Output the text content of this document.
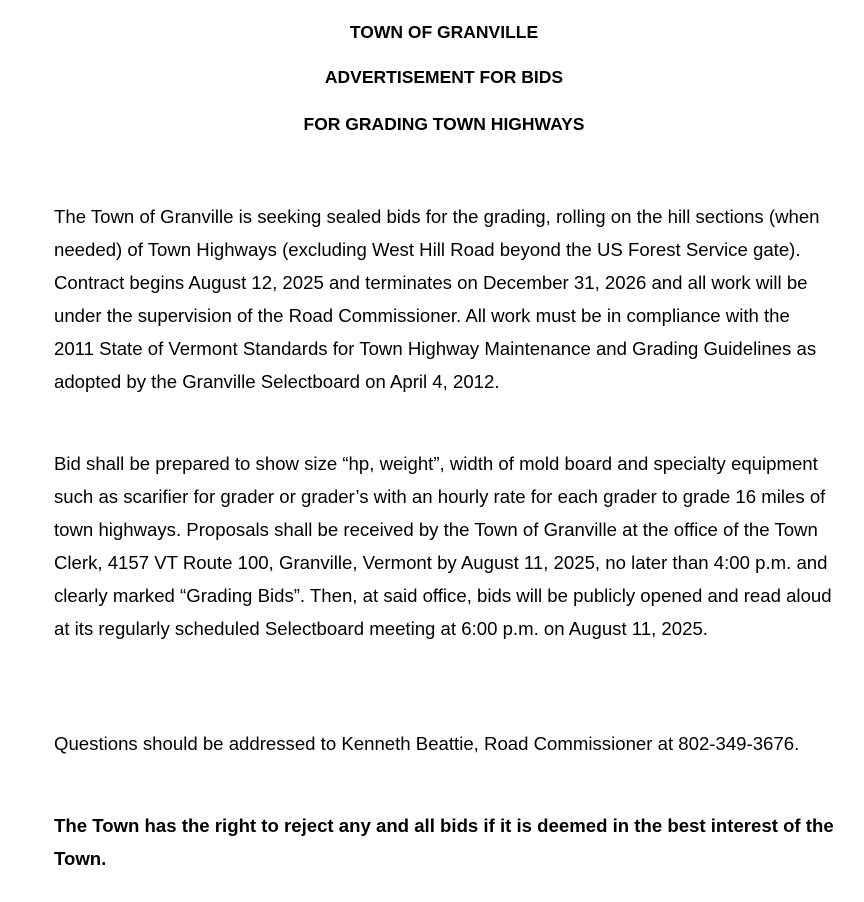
TOWN OF GRANVILLE

ADVERTISEMENT FOR BIDS

FOR GRADING TOWN HIGHWAYS

The Town of Granville is seeking sealed bids for the grading, rolling on the hill sections (when needed) of Town Highways (excluding West Hill Road beyond the US Forest Service gate). Contract begins August 12, 2025 and terminates on December 31, 2026 and all work will be under the supervision of the Road Commissioner. All work must be in compliance with the 2011 State of Vermont Standards for Town Highway Maintenance and Grading Guidelines as adopted by the Granville Selectboard on April 4, 2012.

Bid shall be prepared to show size “hp, weight”, width of mold board and specialty equipment such as scarifier for grader or grader’s with an hourly rate for each grader to grade 16 miles of town highways. Proposals shall be received by the Town of Granville at the office of the Town Clerk, 4157 VT Route 100, Granville, Vermont by August 11, 2025, no later than 4:00 p.m. and clearly marked “Grading Bids”. Then, at said office, bids will be publicly opened and read aloud at its regularly scheduled Selectboard meeting at 6:00 p.m. on August 11, 2025.

Questions should be addressed to Kenneth Beattie, Road Commissioner at 802-349-3676.

The Town has the right to reject any and all bids if it is deemed in the best interest of the Town.
